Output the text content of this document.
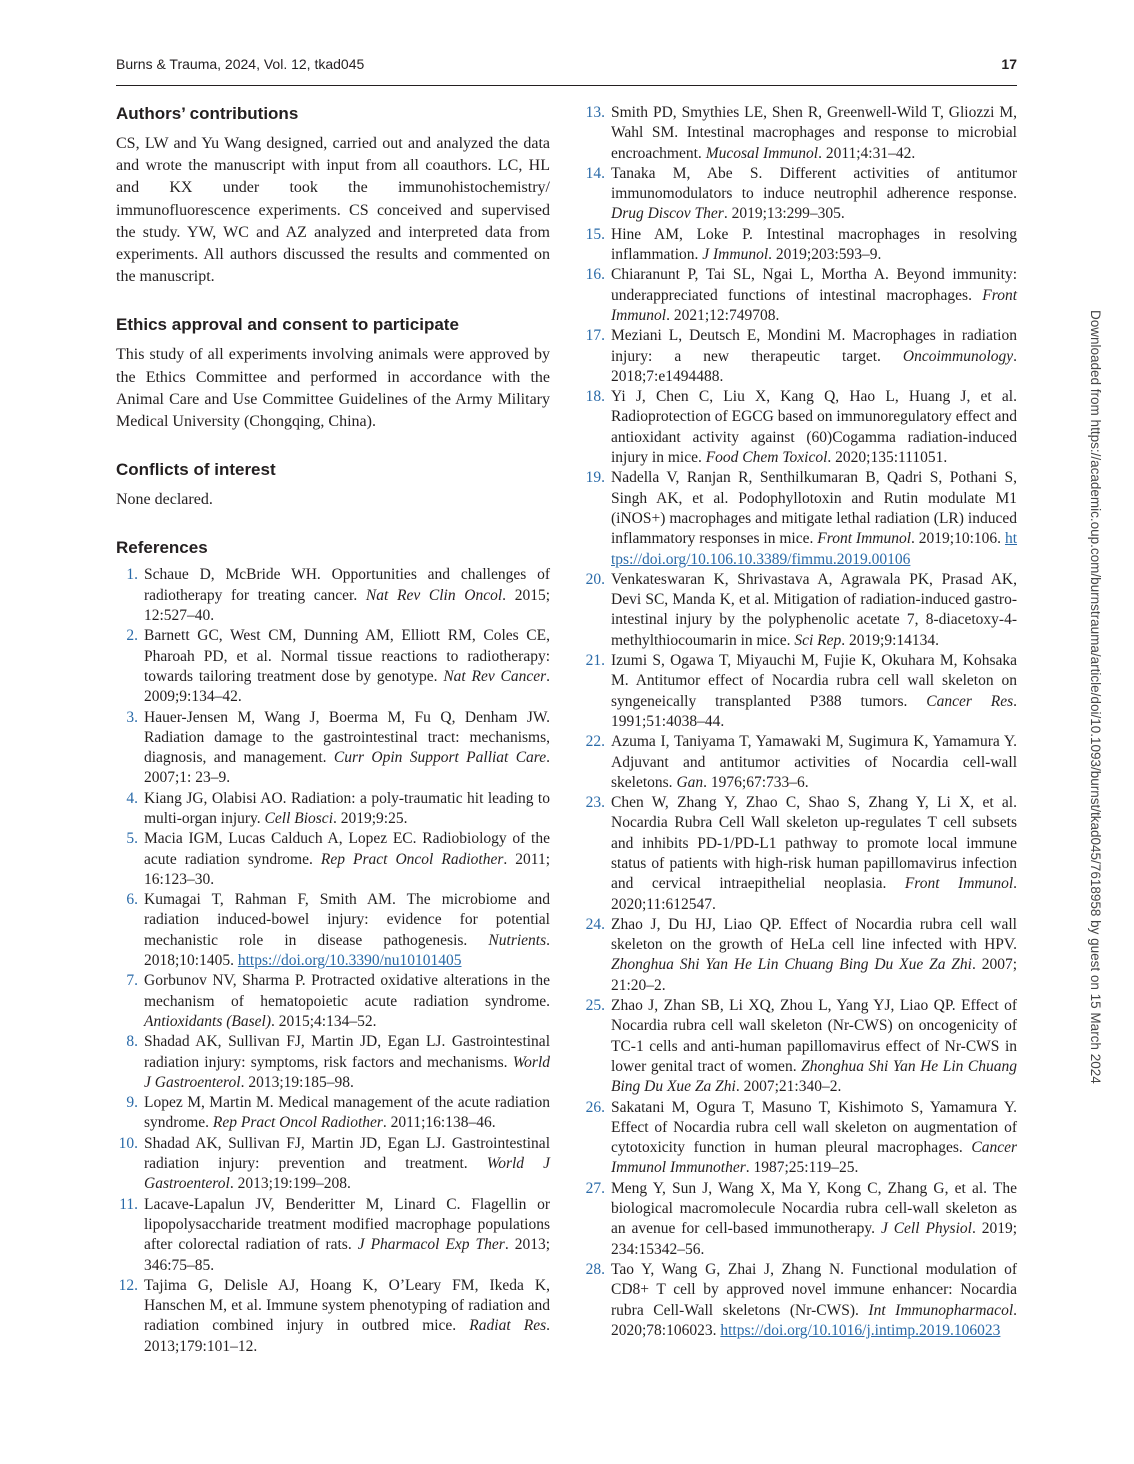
Burns & Trauma, 2024, Vol. 12, tkad045	17
Authors’ contributions

CS, LW and Yu Wang designed, carried out and analyzed the data and wrote the manuscript with input from all coauthors. LC, HL and KX under took the immunohistochemistry/ immunofluorescence experiments. CS conceived and supervised the study. YW, WC and AZ analyzed and interpreted data from experiments. All authors discussed the results and commented on the manuscript.

Ethics approval and consent to participate

This study of all experiments involving animals were approved by the Ethics Committee and performed in accordance with the Animal Care and Use Committee Guidelines of the Army Military Medical University (Chongqing, China).

Conflicts of interest

None declared.

References
1. Schaue D, McBride WH. Opportunities and challenges of radiotherapy for treating cancer. Nat Rev Clin Oncol. 2015; 12:527–40.
2. Barnett GC, West CM, Dunning AM, Elliott RM, Coles CE, Pharoah PD, et al. Normal tissue reactions to radiotherapy: towards tailoring treatment dose by genotype. Nat Rev Cancer. 2009;9:134–42.
3. Hauer-Jensen M, Wang J, Boerma M, Fu Q, Denham JW. Radiation damage to the gastrointestinal tract: mechanisms, diagnosis, and management. Curr Opin Support Palliat Care. 2007;1: 23–9.
4. Kiang JG, Olabisi AO. Radiation: a poly-traumatic hit leading to multi-organ injury. Cell Biosci. 2019;9:25.
5. Macia IGM, Lucas Calduch A, Lopez EC. Radiobiology of the acute radiation syndrome. Rep Pract Oncol Radiother. 2011; 16:123–30.
6. Kumagai T, Rahman F, Smith AM. The microbiome and radiation induced-bowel injury: evidence for potential mechanistic role in disease pathogenesis. Nutrients. 2018;10:1405. https://doi.org/10.3390/nu10101405
7. Gorbunov NV, Sharma P. Protracted oxidative alterations in the mechanism of hematopoietic acute radiation syndrome. Antioxidants (Basel). 2015;4:134–52.
8. Shadad AK, Sullivan FJ, Martin JD, Egan LJ. Gastrointestinal radiation injury: symptoms, risk factors and mechanisms. World J Gastroenterol. 2013;19:185–98.
9. Lopez M, Martin M. Medical management of the acute radiation syndrome. Rep Pract Oncol Radiother. 2011;16:138–46.
10. Shadad AK, Sullivan FJ, Martin JD, Egan LJ. Gastrointestinal radiation injury: prevention and treatment. World J Gastroenterol. 2013;19:199–208.
11. Lacave-Lapalun JV, Benderitter M, Linard C. Flagellin or lipopolysaccharide treatment modified macrophage populations after colorectal radiation of rats. J Pharmacol Exp Ther. 2013; 346:75–85.
12. Tajima G, Delisle AJ, Hoang K, O’Leary FM, Ikeda K, Hanschen M, et al. Immune system phenotyping of radiation and radiation combined injury in outbred mice. Radiat Res. 2013;179:101–12.
13. Smith PD, Smythies LE, Shen R, Greenwell-Wild T, Gliozzi M, Wahl SM. Intestinal macrophages and response to microbial encroachment. Mucosal Immunol. 2011;4:31–42.
14. Tanaka M, Abe S. Different activities of antitumor immunomodulators to induce neutrophil adherence response. Drug Discov Ther. 2019;13:299–305.
15. Hine AM, Loke P. Intestinal macrophages in resolving inflammation. J Immunol. 2019;203:593–9.
16. Chiaranunt P, Tai SL, Ngai L, Mortha A. Beyond immunity: underappreciated functions of intestinal macrophages. Front Immunol. 2021;12:749708.
17. Meziani L, Deutsch E, Mondini M. Macrophages in radiation injury: a new therapeutic target. Oncoimmunology. 2018;7:e1494488.
18. Yi J, Chen C, Liu X, Kang Q, Hao L, Huang J, et al. Radioprotection of EGCG based on immunoregulatory effect and antioxidant activity against (60)Cogamma radiation-induced injury in mice. Food Chem Toxicol. 2020;135:111051.
19. Nadella V, Ranjan R, Senthilkumaran B, Qadri S, Pothani S, Singh AK, et al. Podophyllotoxin and Rutin modulate M1 (iNOS+) macrophages and mitigate lethal radiation (LR) induced inflammatory responses in mice. Front Immunol. 2019;10:106. https://doi.org/10.106.10.3389/fimmu.2019.00106
20. Venkateswaran K, Shrivastava A, Agrawala PK, Prasad AK, Devi SC, Manda K, et al. Mitigation of radiation-induced gastro-intestinal injury by the polyphenolic acetate 7, 8-diacetoxy-4-methylthiocoumarin in mice. Sci Rep. 2019;9:14134.
21. Izumi S, Ogawa T, Miyauchi M, Fujie K, Okuhara M, Kohsaka M. Antitumor effect of Nocardia rubra cell wall skeleton on syngeneically transplanted P388 tumors. Cancer Res. 1991;51:4038–44.
22. Azuma I, Taniyama T, Yamawaki M, Sugimura K, Yamamura Y. Adjuvant and antitumor activities of Nocardia cell-wall skeletons. Gan. 1976;67:733–6.
23. Chen W, Zhang Y, Zhao C, Shao S, Zhang Y, Li X, et al. Nocardia Rubra Cell Wall skeleton up-regulates T cell subsets and inhibits PD-1/PD-L1 pathway to promote local immune status of patients with high-risk human papillomavirus infection and cervical intraepithelial neoplasia. Front Immunol. 2020;11:612547.
24. Zhao J, Du HJ, Liao QP. Effect of Nocardia rubra cell wall skeleton on the growth of HeLa cell line infected with HPV. Zhonghua Shi Yan He Lin Chuang Bing Du Xue Za Zhi. 2007; 21:20–2.
25. Zhao J, Zhan SB, Li XQ, Zhou L, Yang YJ, Liao QP. Effect of Nocardia rubra cell wall skeleton (Nr-CWS) on oncogenicity of TC-1 cells and anti-human papillomavirus effect of Nr-CWS in lower genital tract of women. Zhonghua Shi Yan He Lin Chuang Bing Du Xue Za Zhi. 2007;21:340–2.
26. Sakatani M, Ogura T, Masuno T, Kishimoto S, Yamamura Y. Effect of Nocardia rubra cell wall skeleton on augmentation of cytotoxicity function in human pleural macrophages. Cancer Immunol Immunother. 1987;25:119–25.
27. Meng Y, Sun J, Wang X, Ma Y, Kong C, Zhang G, et al. The biological macromolecule Nocardia rubra cell-wall skeleton as an avenue for cell-based immunotherapy. J Cell Physiol. 2019; 234:15342–56.
28. Tao Y, Wang G, Zhai J, Zhang N. Functional modulation of CD8+ T cell by approved novel immune enhancer: Nocardia rubra Cell-Wall skeletons (Nr-CWS). Int Immunopharmacol. 2020;78:106023. https://doi.org/10.1016/j.intimp.2019.106023
Downloaded from https://academic.oup.com/burnstrauma/article/doi/10.1093/burnst/tkad045/7618958 by guest on 15 March 2024
